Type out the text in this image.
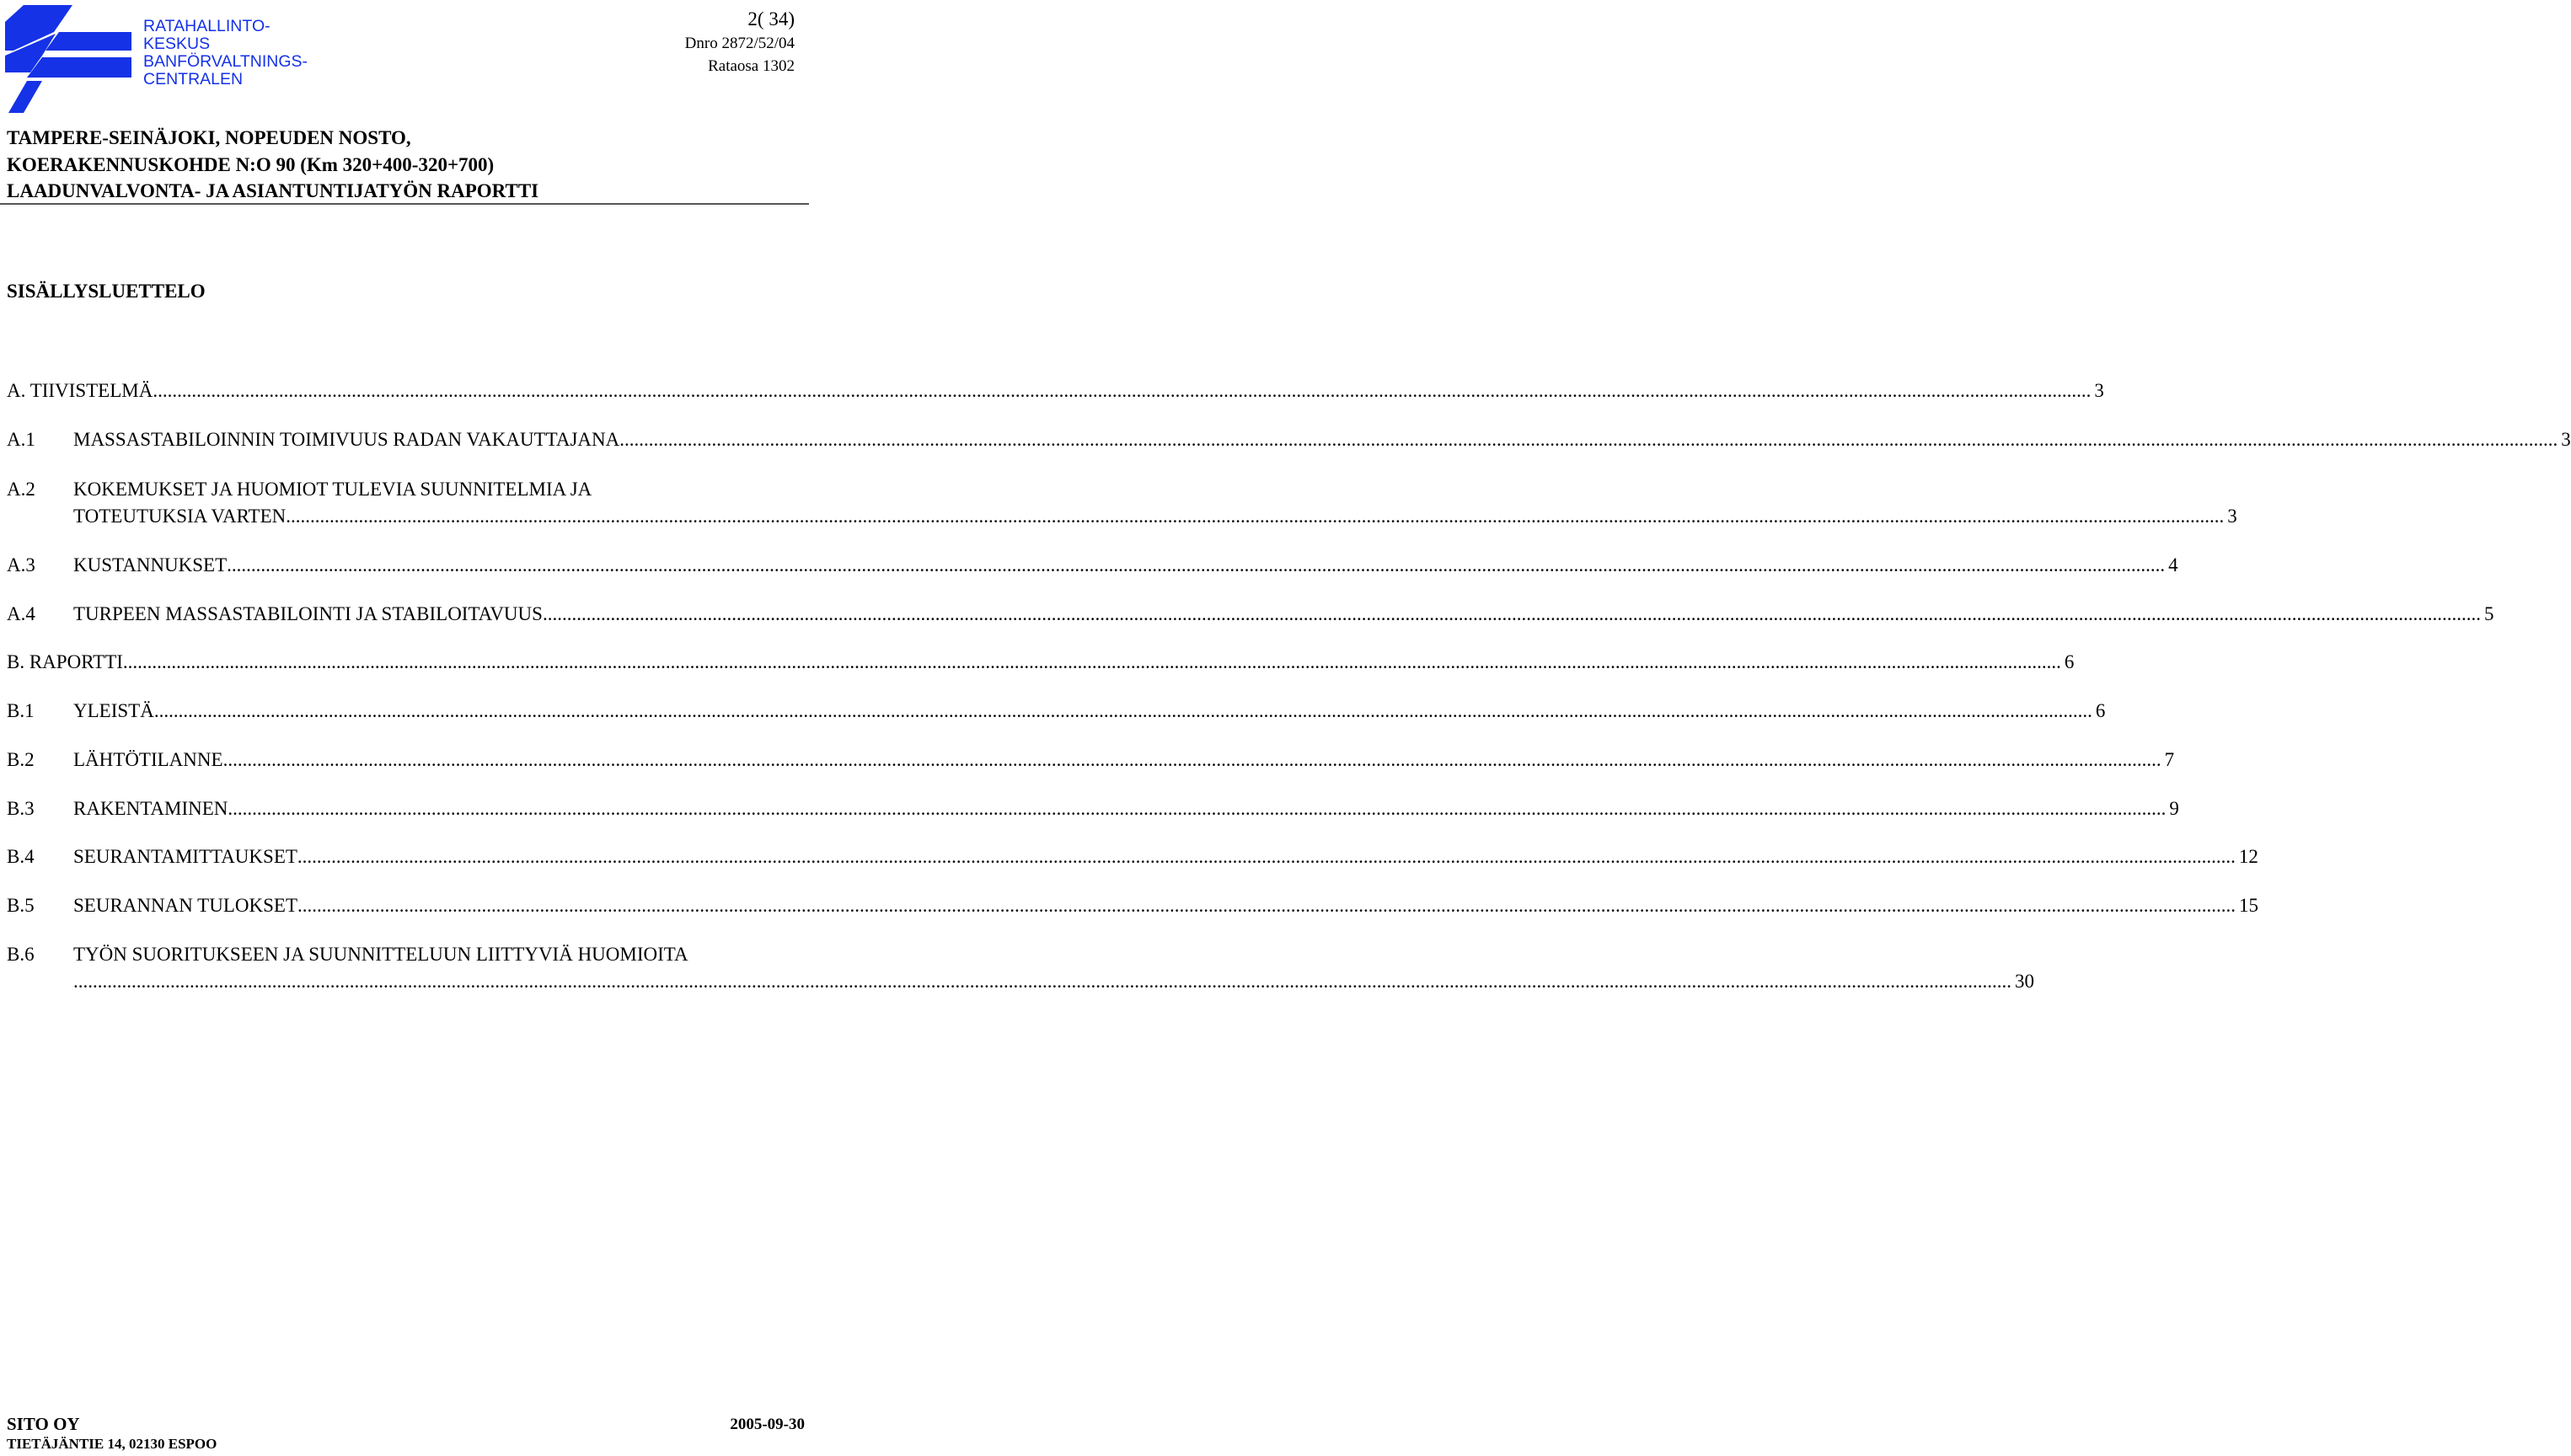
RATAHALLINTO-
KESKUS
BANFÖRVALTNINGS-
CENTRALEN
2( 34)
Dnro 2872/52/04
Rataosa 1302
TAMPERE-SEINÄJOKI, NOPEUDEN NOSTO,
KOERAKENNUSKOHDE N:O 90 (Km 320+400-320+700)
LAADUNVALVONTA- JA ASIANTUNTIJATYÖN RAPORTTI
SISÄLLYSLUETTELO
A. TIIVISTELMÄ ................................................................................................................................................................................................................................................................................................................................................................................................................ 3
A.1 MASSASTABILOINNIN TOIMIVUUS RADAN VAKAUTTAJANA ................................................................................................................................................................................................................................................................................................................................................................................................................ 3
A.2 KOKEMUKSET JA HUOMIOT TULEVIA SUUNNITELMIA JA
TOTEUTUKSIA VARTEN ................................................................................................................................................................................................................................................................................................................................................................................................................ 3
A.3 KUSTANNUKSET ................................................................................................................................................................................................................................................................................................................................................................................................................ 4
A.4 TURPEEN MASSASTABILOINTI JA STABILOITAVUUS ................................................................................................................................................................................................................................................................................................................................................................................................................ 5
B. RAPORTTI ................................................................................................................................................................................................................................................................................................................................................................................................................ 6
B.1 YLEISTÄ ................................................................................................................................................................................................................................................................................................................................................................................................................ 6
B.2 LÄHTÖTILANNE ................................................................................................................................................................................................................................................................................................................................................................................................................ 7
B.3 RAKENTAMINEN ................................................................................................................................................................................................................................................................................................................................................................................................................ 9
B.4 SEURANTAMITTAUKSET ................................................................................................................................................................................................................................................................................................................................................................................................................ 12
B.5 SEURANNAN TULOKSET ................................................................................................................................................................................................................................................................................................................................................................................................................ 15
B.6 TYÖN SUORITUKSEEN JA SUUNNITTELUUN LIITTYVIÄ HUOMIOITA
................................................................................................................................................................................................................................................................................................................................................................................................................ 30
SITO OY
TIETÄJÄNTIE 14, 02130 ESPOO
2005-09-30
